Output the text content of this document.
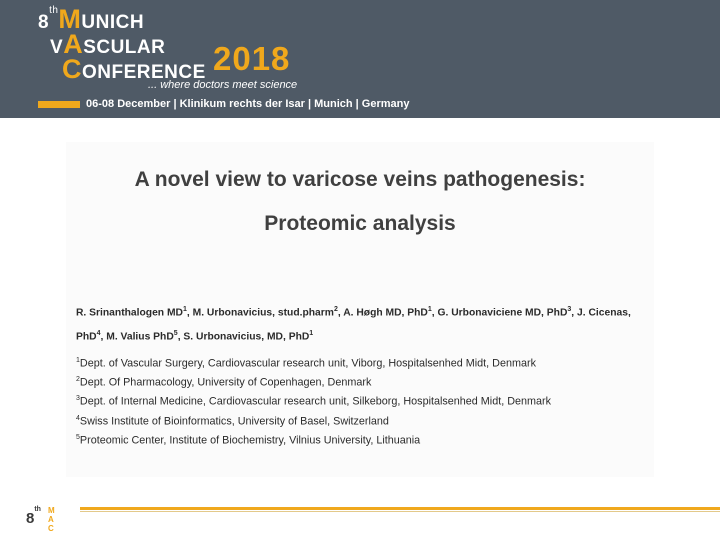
8thMUNICH
VASCULAR
CONFERENCE 2018
... where doctors meet science
06-08 December | Klinikum rechts der Isar | Munich | Germany
A novel view to varicose veins pathogenesis:
Proteomic analysis
R. Srinanthalogen $MD^1$, M. Urbonavicius, stud.pharm$^2$, A. Høgh MD, PhD$^1$, G. Urbonaviciene MD, PhD$^3$, J. Cicenas, PhD$^4$, M. Valius PhD$^5$, S. Urbonavicius, MD, PhD$^1$
$^1$Dept. of Vascular Surgery, Cardiovascular research unit, Viborg, Hospitalsenhed Midt, Denmark
$^2$Dept. Of Pharmacology, University of Copenhagen, Denmark
$^3$Dept. of Internal Medicine, Cardiovascular research unit, Silkeborg, Hospitalsenhed Midt, Denmark
$^4$Swiss Institute of Bioinformatics, University of Basel, Switzerland
$^5$Proteomic Center, Institute of Biochemistry, Vilnius University, Lithuania
8th M
A
C
